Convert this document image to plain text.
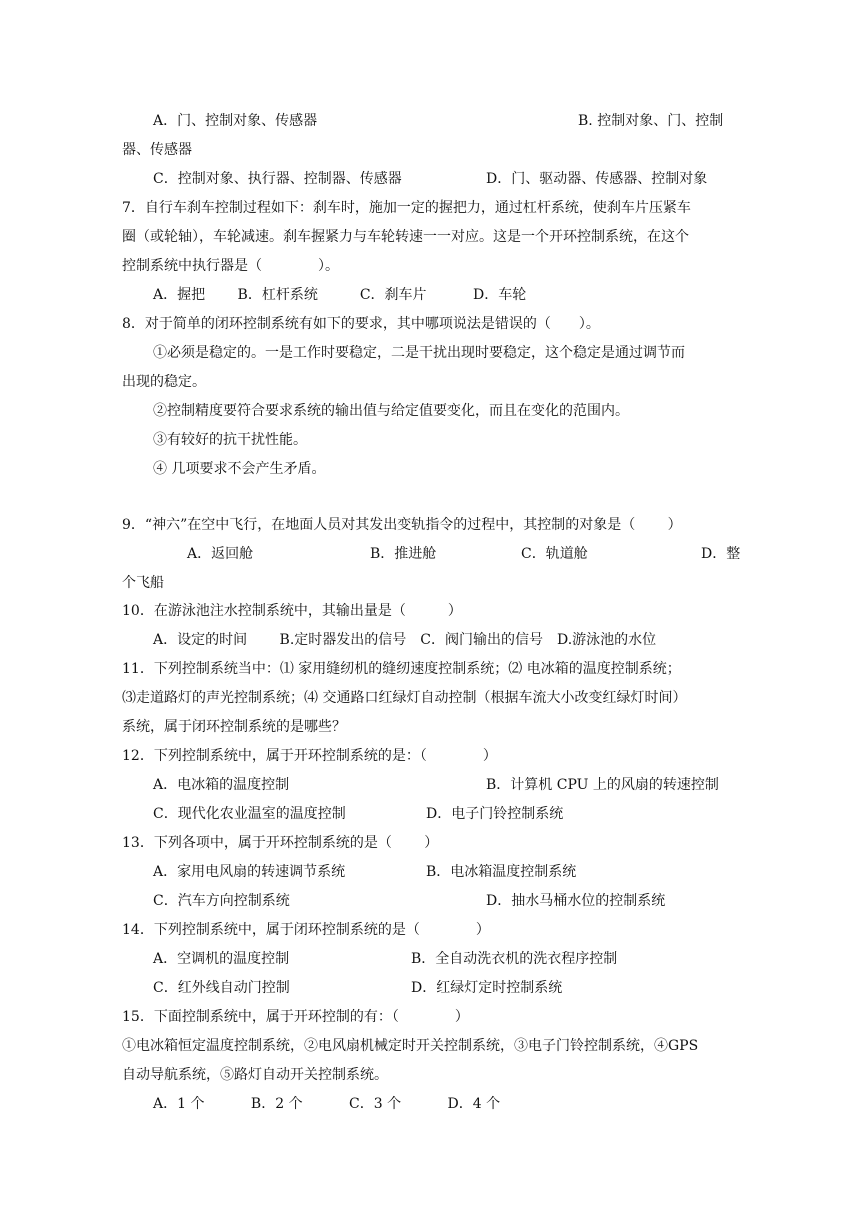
A．门、控制对象、传感器	B. 控制对象、门、控制
器、传感器
C．控制对象、执行器、控制器、传感器	D．门、驱动器、传感器、控制对象
7．自行车刹车控制过程如下：刹车时，施加一定的握把力，通过杠杆系统，使刹车片压紧车
圈（或轮轴），车轮减速。刹车握紧力与车轮转速一一对应。这是一个开环控制系统，在这个
控制系统中执行器是（　　　　）。
A．握把　　 B．杠杆系统　　　C．刹车片　　　 D．车轮
8．对于简单的闭环控制系统有如下的要求，其中哪项说法是错误的（　　）。
①必须是稳定的。一是工作时要稳定，二是干扰出现时要稳定，这个稳定是通过调节而
出现的稳定。
②控制精度要符合要求系统的输出值与给定值要变化，而且在变化的范围内。
③有较好的抗干扰性能。
④ 几项要求不会产生矛盾。
9．“神六”在空中飞行，在地面人员对其发出变轨指令的过程中，其控制的对象是（　　 ）
A．返回舱	B．推进舱	C．轨道舱	D．整
个飞船
10．在游泳池注水控制系统中，其输出量是（　　　）
A．设定的时间　　 B.定时器发出的信号　C．阀门输出的信号　D.游泳池的水位
11．下列控制系统当中：⑴ 家用缝纫机的缝纫速度控制系统；⑵ 电冰箱的温度控制系统；
⑶走道路灯的声光控制系统；⑷ 交通路口红绿灯自动控制（根据车流大小改变红绿灯时间）
系统，属于闭环控制系统的是哪些？
12．下列控制系统中，属于开环控制系统的是：（　　　　）
A．电冰箱的温度控制	B．计算机 CPU 上的风扇的转速控制
C．现代化农业温室的温度控制	D．电子门铃控制系统
13．下列各项中，属于开环控制系统的是（　　 ）
A．家用电风扇的转速调节系统	B．电冰箱温度控制系统
C．汽车方向控制系统	D．抽水马桶水位的控制系统
14．下列控制系统中，属于闭环控制系统的是（　　　　）
A．空调机的温度控制	B．全自动洗衣机的洗衣程序控制
C．红外线自动门控制	D．红绿灯定时控制系统
15．下面控制系统中，属于开环控制的有：（　　　　）
①电冰箱恒定温度控制系统，②电风扇机械定时开关控制系统，③电子门铃控制系统，④GPS
自动导航系统，⑤路灯自动开关控制系统。
A．1 个　　　 B．2 个　　　 C．3 个　　　 D．4 个
